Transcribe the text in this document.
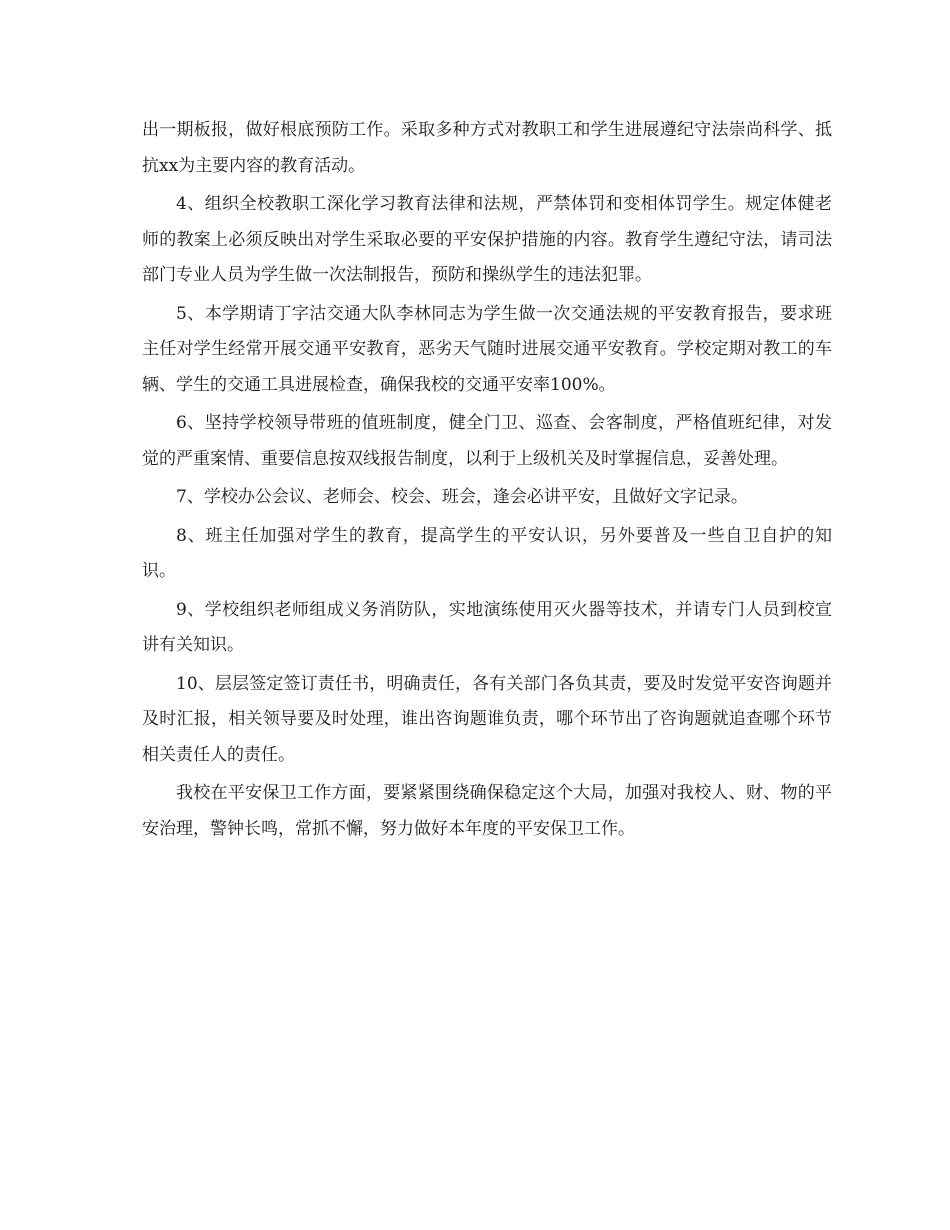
出一期板报，做好根底预防工作。采取多种方式对教职工和学生进展遵纪守法崇尚科学、抵抗xx为主要内容的教育活动。

4、组织全校教职工深化学习教育法律和法规，严禁体罚和变相体罚学生。规定体健老师的教案上必须反映出对学生采取必要的平安保护措施的内容。教育学生遵纪守法，请司法部门专业人员为学生做一次法制报告，预防和操纵学生的违法犯罪。

5、本学期请丁字沽交通大队李林同志为学生做一次交通法规的平安教育报告，要求班主任对学生经常开展交通平安教育，恶劣天气随时进展交通平安教育。学校定期对教工的车辆、学生的交通工具进展检查，确保我校的交通平安率100%。

6、坚持学校领导带班的值班制度，健全门卫、巡查、会客制度，严格值班纪律，对发觉的严重案情、重要信息按双线报告制度，以利于上级机关及时掌握信息，妥善处理。

7、学校办公会议、老师会、校会、班会，逢会必讲平安，且做好文字记录。

8、班主任加强对学生的教育，提高学生的平安认识，另外要普及一些自卫自护的知识。

9、学校组织老师组成义务消防队，实地演练使用灭火器等技术，并请专门人员到校宣讲有关知识。

10、层层签定签订责任书，明确责任，各有关部门各负其责，要及时发觉平安咨询题并及时汇报，相关领导要及时处理，谁出咨询题谁负责，哪个环节出了咨询题就追查哪个环节相关责任人的责任。

我校在平安保卫工作方面，要紧紧围绕确保稳定这个大局，加强对我校人、财、物的平安治理，警钟长鸣，常抓不懈，努力做好本年度的平安保卫工作。
